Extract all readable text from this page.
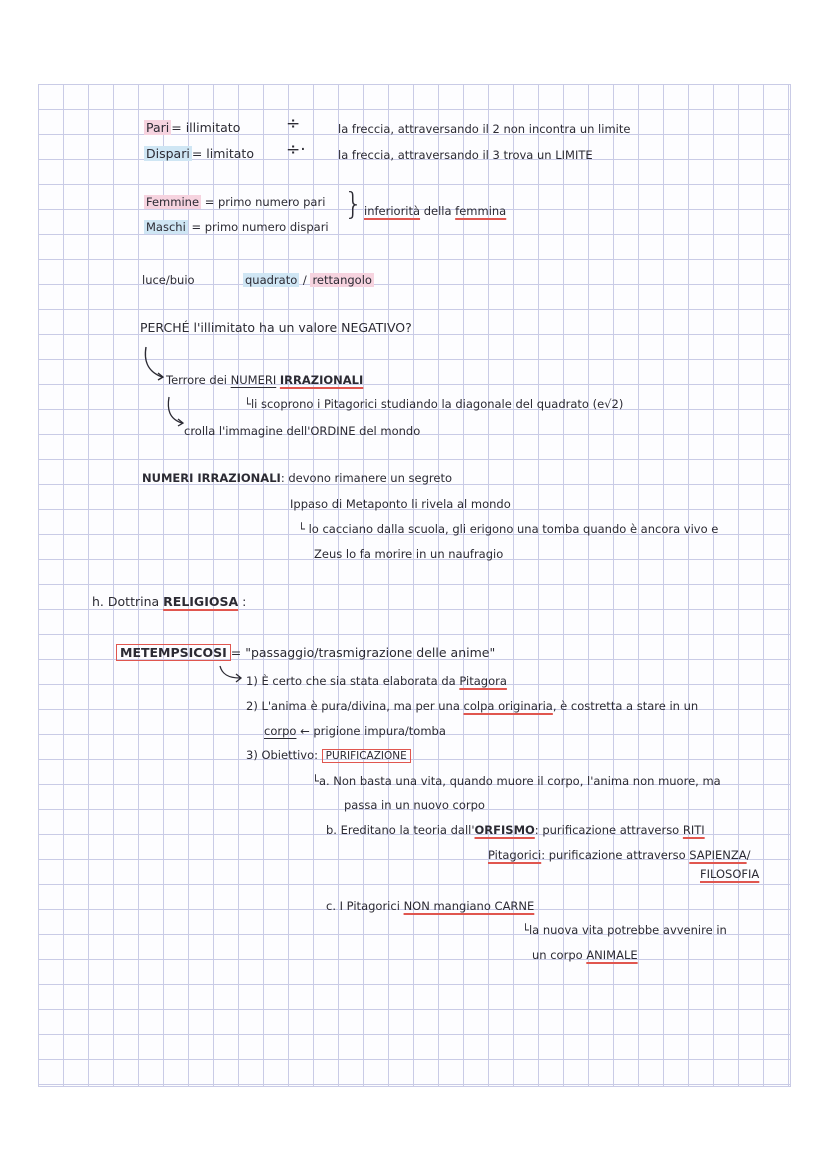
Pari = illimitato	÷	la freccia, attraversando il 2 non incontra un limite
Dispari = limitato ÷·	la freccia, attraversando il 3 trova un LIMITE
Femmine = primo numero pari
Maschi = primo numero dispari
} inferiorità della femmina
luce/buio	quadrato / rettangolo
PERCHÉ l'illimitato ha un valore NEGATIVO?
Terrore dei NUMERI IRRAZIONALI
└li scoprono i Pitagorici studiando la diagonale del quadrato (e√2)
crolla l'immagine dell'ORDINE del mondo
NUMERI IRRAZIONALI: devono rimanere un segreto
Ippaso di Metaponto li rivela al mondo
└ lo cacciano dalla scuola, gli erigono una tomba quando è ancora vivo e
Zeus lo fa morire in un naufragio
h. Dottrina RELIGIOSA :
METEMPSICOSI = "passaggio/trasmigrazione delle anime"
1) È certo che sia stata elaborata da Pitagora
2) L'anima è pura/divina, ma per una colpa originaria, è costretta a stare in un
corpo ← prigione impura/tomba
3) Obiettivo: PURIFICAZIONE
└a. Non basta una vita, quando muore il corpo, l'anima non muore, ma
passa in un nuovo corpo
b. Ereditano la teoria dall'ORFISMO: purificazione attraverso RITI
Pitagorici: purificazione attraverso SAPIENZA/
FILOSOFIA
c. I Pitagorici NON mangiano CARNE
└la nuova vita potrebbe avvenire in
un corpo ANIMALE
